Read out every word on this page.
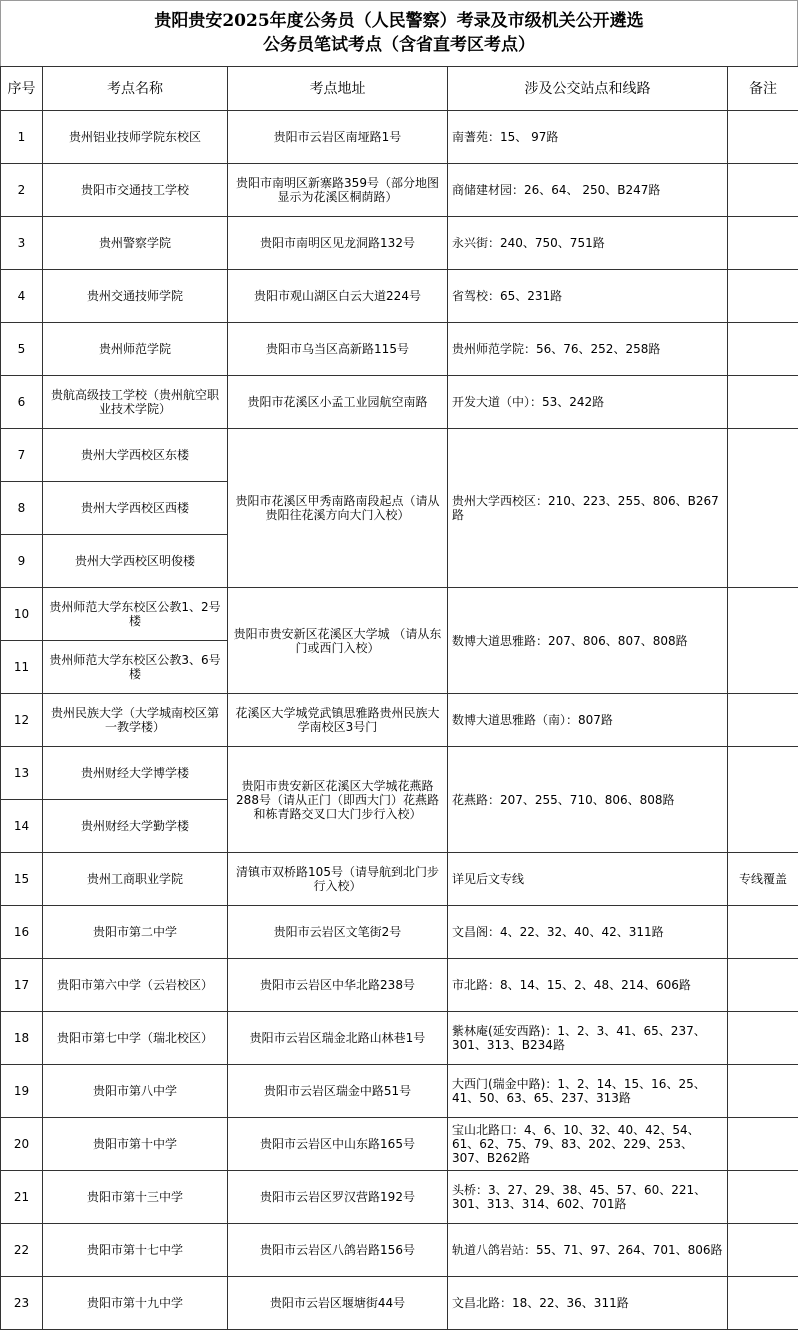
贵阳贵安2025年度公务员（人民警察）考录及市级机关公开遴选
公务员笔试考点（含省直考区考点）
序号	考点名称	考点地址	涉及公交站点和线路	备注
1	贵州铝业技师学院东校区	贵阳市云岩区南垭路1号	南蓍苑：15、 97路	
2	贵阳市交通技工学校	贵阳市南明区新寨路359号（部分地图显示为花溪区桐荫路）	商储建材园：26、64、 250、B247路	
3	贵州警察学院	贵阳市南明区见龙洞路132号	永兴街：240、750、751路	
4	贵州交通技师学院	贵阳市观山湖区白云大道224号	省驾校：65、231路	
5	贵州师范学院	贵阳市乌当区高新路115号	贵州师范学院：56、76、252、258路	
6	贵航高级技工学校（贵州航空职业技术学院）	贵阳市花溪区小孟工业园航空南路	开发大道（中）：53、242路	
7	贵州大学西校区东楼	贵阳市花溪区甲秀南路南段起点（请从贵阳往花溪方向大门入校）	贵州大学西校区：210、223、255、806、B267路	
8	贵州大学西校区西楼			
9	贵州大学西校区明俊楼			
10	贵州师范大学东校区公教1、2号楼	贵阳市贵安新区花溪区大学城 （请从东门或西门入校）	数博大道思雅路：207、806、807、808路	
11	贵州师范大学东校区公教3、6号楼			
12	贵州民族大学（大学城南校区第一教学楼）	花溪区大学城党武镇思雅路贵州民族大学南校区3号门	数博大道思雅路（南）：807路	
13	贵州财经大学博学楼	贵阳市贵安新区花溪区大学城花燕路288号（请从正门（即西大门）花燕路和栋青路交叉口大门步行入校）	花燕路：207、255、710、806、808路	
14	贵州财经大学勤学楼			
15	贵州工商职业学院	清镇市双桥路105号（请导航到北门步行入校）	详见后文专线	专线覆盖
16	贵阳市第二中学	贵阳市云岩区文笔街2号	文昌阁：4、22、32、40、42、311路	
17	贵阳市第六中学（云岩校区）	贵阳市云岩区中华北路238号	市北路：8、14、15、2、48、214、606路	
18	贵阳市第七中学（瑞北校区）	贵阳市云岩区瑞金北路山林巷1号	紫林庵(延安西路)：1、2、3、41、65、237、301、313、B234路	
19	贵阳市第八中学	贵阳市云岩区瑞金中路51号	大西门(瑞金中路)：1、2、14、15、16、25、41、50、63、65、237、313路	
20	贵阳市第十中学	贵阳市云岩区中山东路165号	宝山北路口：4、6、10、32、40、42、54、61、62、75、79、83、202、229、253、307、B262路	
21	贵阳市第十三中学	贵阳市云岩区罗汉营路192号	头桥：3、27、29、38、45、57、60、221、301、313、314、602、701路	
22	贵阳市第十七中学	贵阳市云岩区八鸽岩路156号	轨道八鸽岩站：55、71、97、264、701、806路	
23	贵阳市第十九中学	贵阳市云岩区堰塘街44号	文昌北路：18、22、36、311路	
